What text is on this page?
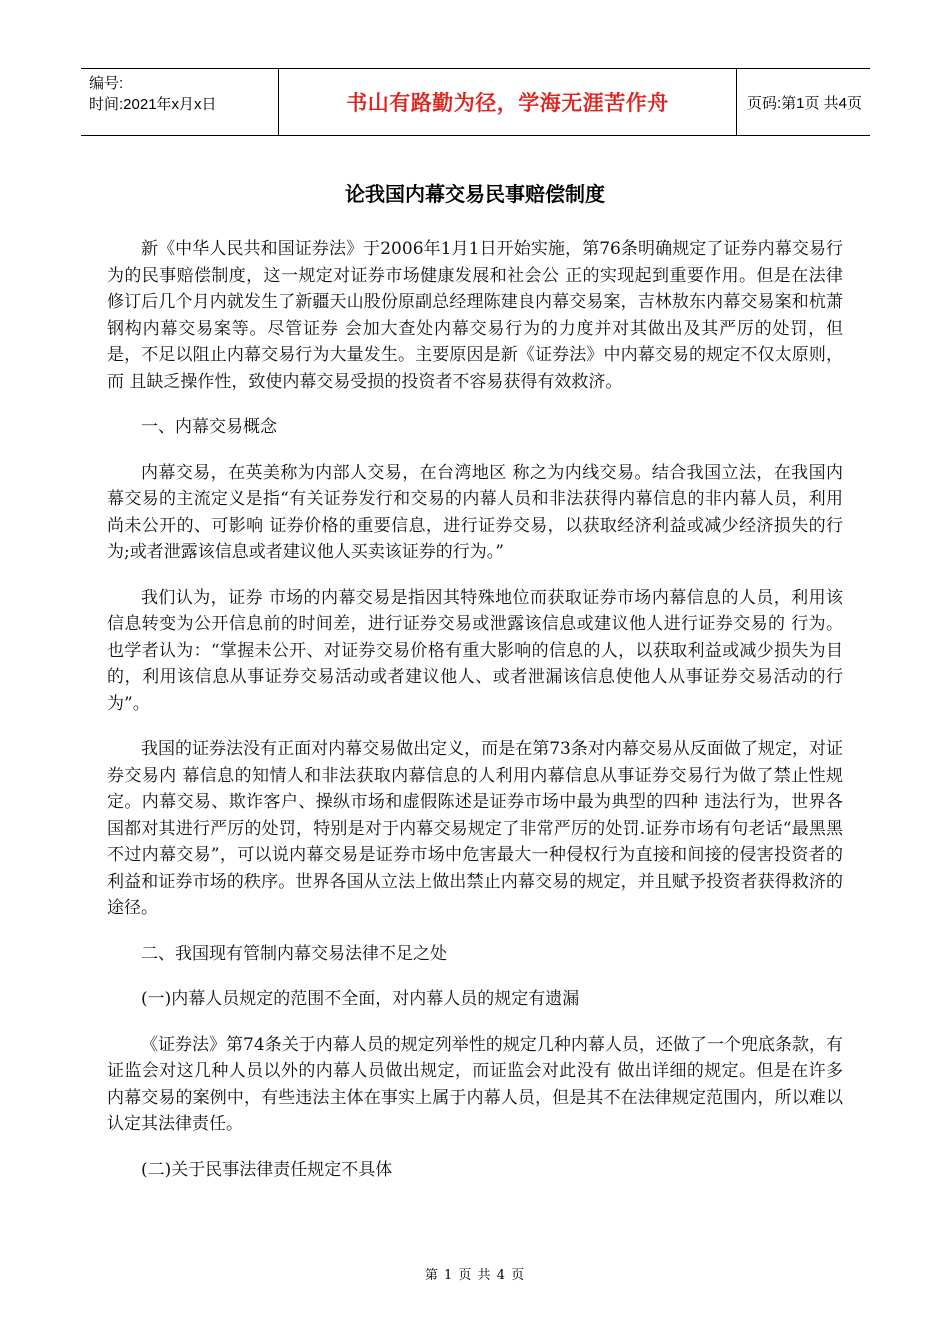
编号:
时间:2021年x月x日	书山有路勤为径，学海无涯苦作舟	页码:第1页 共4页
论我国内幕交易民事赔偿制度

新《中华人民共和国证券法》于2006年1月1日开始实施，第76条明确规定了证券内幕交易行为的民事赔偿制度，这一规定对证券市场健康发展和社会公 正的实现起到重要作用。但是在法律修订后几个月内就发生了新疆天山股份原副总经理陈建良内幕交易案，吉林敖东内幕交易案和杭萧钢构内幕交易案等。尽管证券 会加大查处内幕交易行为的力度并对其做出及其严厉的处罚，但是，不足以阻止内幕交易行为大量发生。主要原因是新《证券法》中内幕交易的规定不仅太原则，而 且缺乏操作性，致使内幕交易受损的投资者不容易获得有效救济。

一、内幕交易概念

内幕交易，在英美称为内部人交易，在台湾地区 称之为内线交易。结合我国立法，在我国内幕交易的主流定义是指“有关证券发行和交易的内幕人员和非法获得内幕信息的非内幕人员，利用尚未公开的、可影响 证券价格的重要信息，进行证券交易，以获取经济利益或减少经济损失的行为;或者泄露该信息或者建议他人买卖该证券的行为。”

我们认为，证券 市场的内幕交易是指因其特殊地位而获取证券市场内幕信息的人员，利用该信息转变为公开信息前的时间差，进行证券交易或泄露该信息或建议他人进行证券交易的 行为。也学者认为：“掌握未公开、对证券交易价格有重大影响的信息的人，以获取利益或减少损失为目的，利用该信息从事证券交易活动或者建议他人、或者泄漏该信息使他人从事证券交易活动的行为”。

我国的证券法没有正面对内幕交易做出定义，而是在第73条对内幕交易从反面做了规定，对证券交易内 幕信息的知情人和非法获取内幕信息的人利用内幕信息从事证券交易行为做了禁止性规定。内幕交易、欺诈客户、操纵市场和虚假陈述是证券市场中最为典型的四种 违法行为，世界各国都对其进行严厉的处罚，特别是对于内幕交易规定了非常严厉的处罚.证券市场有句老话“最黑黑不过内幕交易”，可以说内幕交易是证券市场中危害最大一种侵权行为直接和间接的侵害投资者的利益和证券市场的秩序。世界各国从立法上做出禁止内幕交易的规定，并且赋予投资者获得救济的途径。

二、我国现有管制内幕交易法律不足之处

(一)内幕人员规定的范围不全面，对内幕人员的规定有遗漏

《证券法》第74条关于内幕人员的规定列举性的规定几种内幕人员，还做了一个兜底条款，有证监会对这几种人员以外的内幕人员做出规定，而证监会对此没有 做出详细的规定。但是在许多内幕交易的案例中，有些违法主体在事实上属于内幕人员，但是其不在法律规定范围内，所以难以认定其法律责任。

(二)关于民事法律责任规定不具体

第 1 页 共 4 页
